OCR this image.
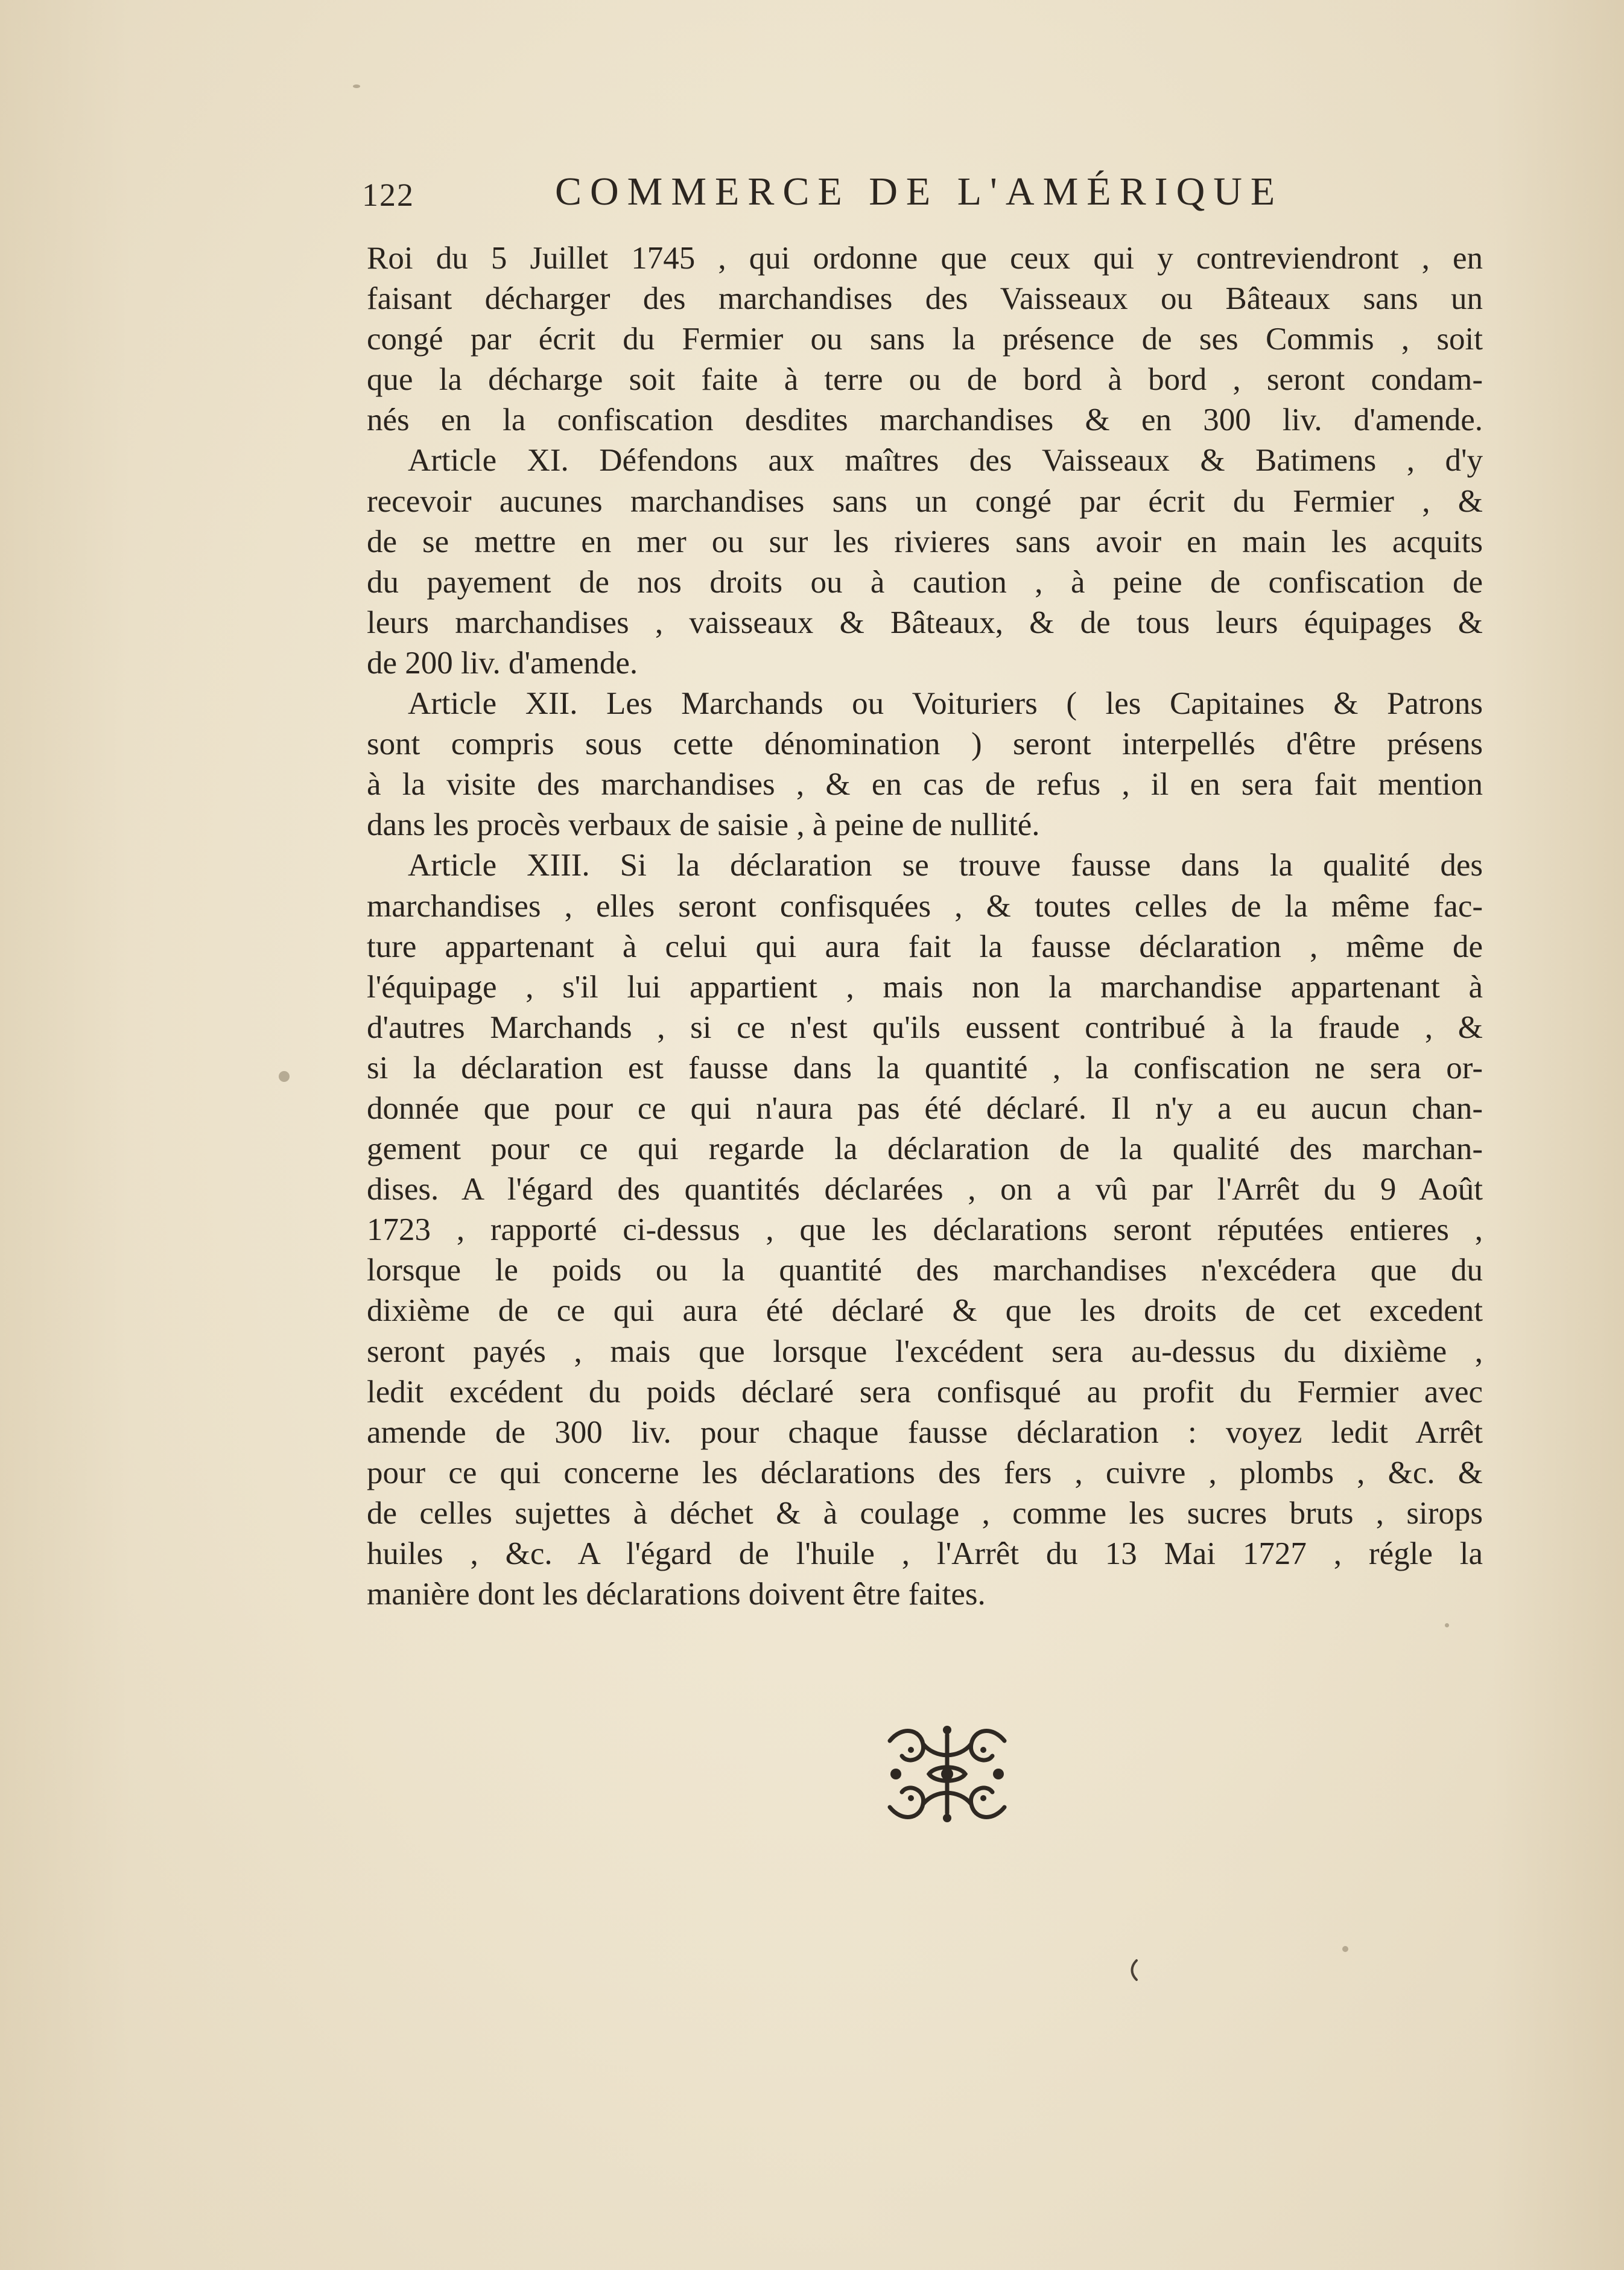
122	COMMERCE DE L'AMÉRIQUE
Roi du 5 Juillet 1745 , qui ordonne que ceux qui y contreviendront , en
faisant décharger des marchandises des Vaisseaux ou Bâteaux sans un
congé par écrit du Fermier ou sans la présence de ses Commis , soit
que la décharge soit faite à terre ou de bord à bord , seront condam-
nés en la confiscation desdites marchandises & en 300 liv. d'amende.
Article XI. Défendons aux maîtres des Vaisseaux & Batimens , d'y
recevoir aucunes marchandises sans un congé par écrit du Fermier , &
de se mettre en mer ou sur les rivieres sans avoir en main les acquits
du payement de nos droits ou à caution , à peine de confiscation de
leurs marchandises , vaisseaux & Bâteaux, & de tous leurs équipages &
de 200 liv. d'amende.
Article XII. Les Marchands ou Voituriers ( les Capitaines & Patrons
sont compris sous cette dénomination ) seront interpellés d'être présens
à la visite des marchandises , & en cas de refus , il en sera fait mention
dans les procès verbaux de saisie , à peine de nullité.
Article XIII. Si la déclaration se trouve fausse dans la qualité des
marchandises , elles seront confisquées , & toutes celles de la même fac-
ture appartenant à celui qui aura fait la fausse déclaration , même de
l'équipage , s'il lui appartient , mais non la marchandise appartenant à
d'autres Marchands , si ce n'est qu'ils eussent contribué à la fraude , &
si la déclaration est fausse dans la quantité , la confiscation ne sera or-
donnée que pour ce qui n'aura pas été déclaré. Il n'y a eu aucun chan-
gement pour ce qui regarde la déclaration de la qualité des marchan-
dises. A l'égard des quantités déclarées , on a vû par l'Arrêt du 9 Août
1723 , rapporté ci-dessus , que les déclarations seront réputées entieres ,
lorsque le poids ou la quantité des marchandises n'excédera que du
dixième de ce qui aura été déclaré & que les droits de cet excedent
seront payés , mais que lorsque l'excédent sera au-dessus du dixième ,
ledit excédent du poids déclaré sera confisqué au profit du Fermier avec
amende de 300 liv. pour chaque fausse déclaration : voyez ledit Arrêt
pour ce qui concerne les déclarations des fers , cuivre , plombs , &c. &
de celles sujettes à déchet & à coulage , comme les sucres bruts , sirops
huiles , &c. A l'égard de l'huile , l'Arrêt du 13 Mai 1727 , régle la
manière dont les déclarations doivent être faites.
